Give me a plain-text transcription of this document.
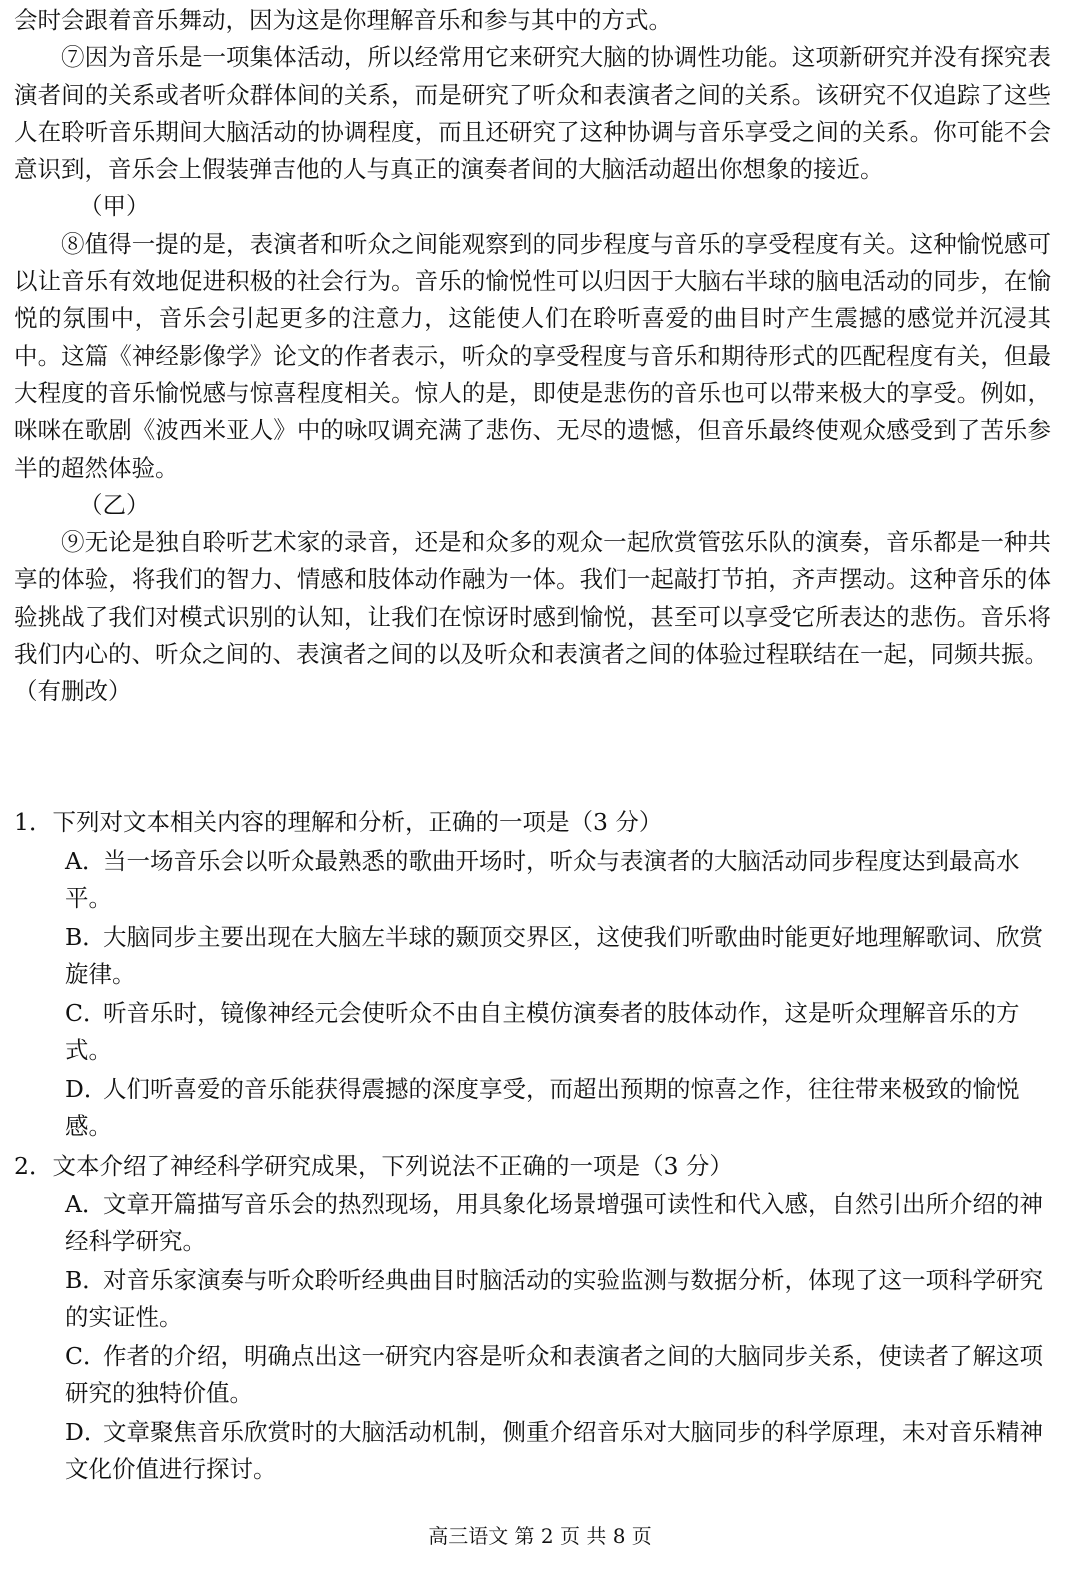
会时会跟着音乐舞动，因为这是你理解音乐和参与其中的方式。

⑦因为音乐是一项集体活动，所以经常用它来研究大脑的协调性功能。这项新研究并没有探究表演者间的关系或者听众群体间的关系，而是研究了听众和表演者之间的关系。该研究不仅追踪了这些人在聆听音乐期间大脑活动的协调程度，而且还研究了这种协调与音乐享受之间的关系。你可能不会意识到，音乐会上假装弹吉他的人与真正的演奏者间的大脑活动超出你想象的接近。

（甲）

⑧值得一提的是，表演者和听众之间能观察到的同步程度与音乐的享受程度有关。这种愉悦感可以让音乐有效地促进积极的社会行为。音乐的愉悦性可以归因于大脑右半球的脑电活动的同步，在愉悦的氛围中，音乐会引起更多的注意力，这能使人们在聆听喜爱的曲目时产生震撼的感觉并沉浸其中。这篇《神经影像学》论文的作者表示，听众的享受程度与音乐和期待形式的匹配程度有关，但最大程度的音乐愉悦感与惊喜程度相关。惊人的是，即使是悲伤的音乐也可以带来极大的享受。例如，咪咪在歌剧《波西米亚人》中的咏叹调充满了悲伤、无尽的遗憾，但音乐最终使观众感受到了苦乐参半的超然体验。

（乙）

⑨无论是独自聆听艺术家的录音，还是和众多的观众一起欣赏管弦乐队的演奏，音乐都是一种共享的体验，将我们的智力、情感和肢体动作融为一体。我们一起敲打节拍，齐声摆动。这种音乐的体验挑战了我们对模式识别的认知，让我们在惊讶时感到愉悦，甚至可以享受它所表达的悲伤。音乐将我们内心的、听众之间的、表演者之间的以及听众和表演者之间的体验过程联结在一起，同频共振。

（有删改）

1．下列对文本相关内容的理解和分析，正确的一项是（3 分）

A．当一场音乐会以听众最熟悉的歌曲开场时，听众与表演者的大脑活动同步程度达到最高水平。
B．大脑同步主要出现在大脑左半球的颞顶交界区，这使我们听歌曲时能更好地理解歌词、欣赏旋律。
C．听音乐时，镜像神经元会使听众不由自主模仿演奏者的肢体动作，这是听众理解音乐的方式。
D．人们听喜爱的音乐能获得震撼的深度享受，而超出预期的惊喜之作，往往带来极致的愉悦感。

2．文本介绍了神经科学研究成果，下列说法不正确的一项是（3 分）

A．文章开篇描写音乐会的热烈现场，用具象化场景增强可读性和代入感，自然引出所介绍的神经科学研究。
B．对音乐家演奏与听众聆听经典曲目时脑活动的实验监测与数据分析，体现了这一项科学研究的实证性。
C．作者的介绍，明确点出这一研究内容是听众和表演者之间的大脑同步关系，使读者了解这项研究的独特价值。
D．文章聚焦音乐欣赏时的大脑活动机制，侧重介绍音乐对大脑同步的科学原理，未对音乐精神文化价值进行探讨。
高三语文 第 2 页 共 8 页
